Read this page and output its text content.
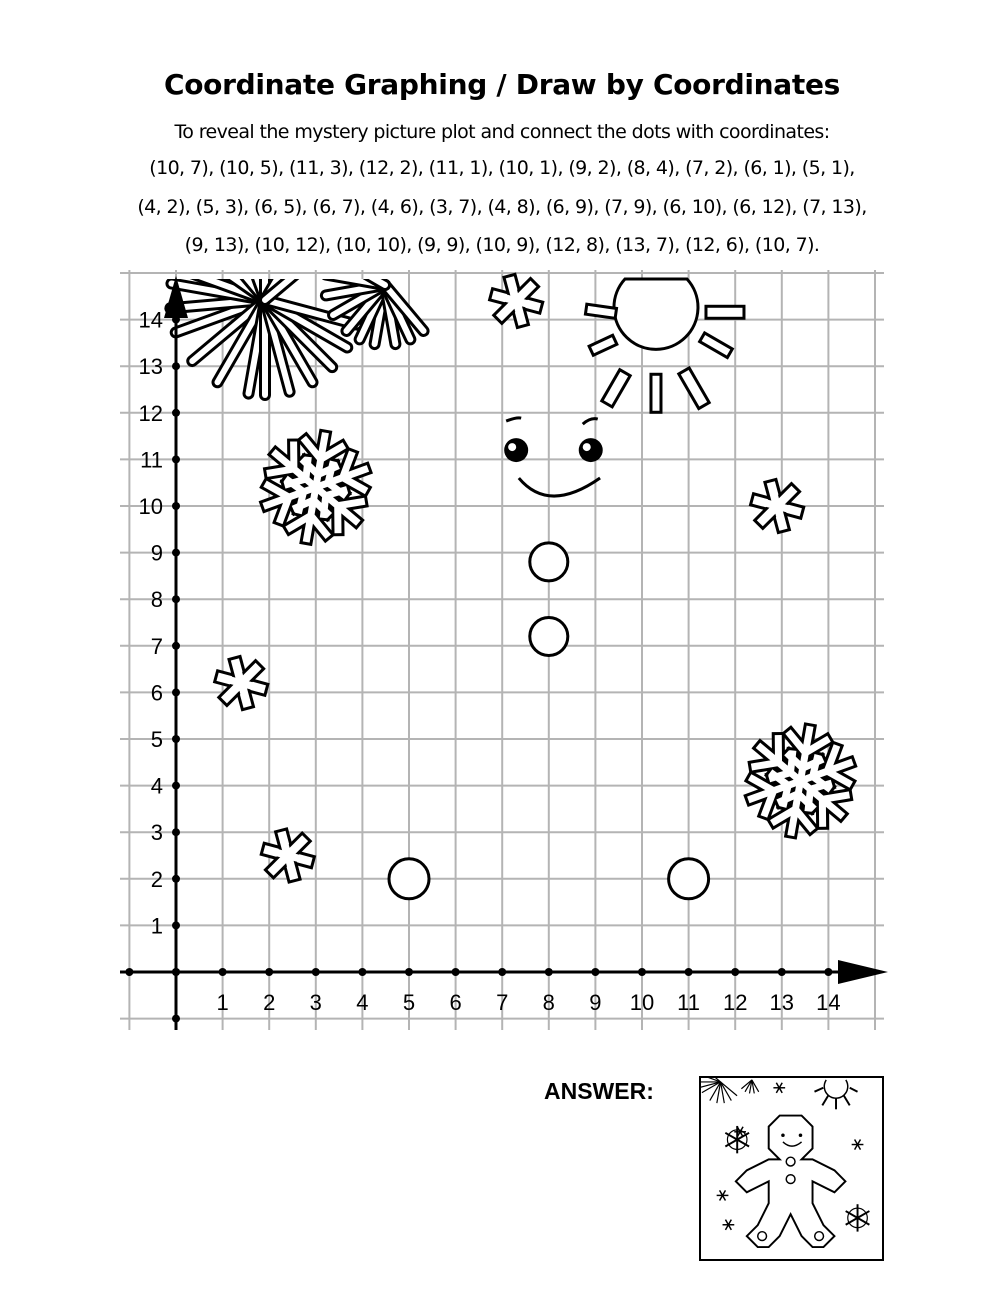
Coordinate Graphing / Draw by Coordinates
To reveal the mystery picture plot and connect the dots with coordinates:
(10, 7), (10, 5), (11, 3), (12, 2), (11, 1), (10, 1), (9, 2), (8, 4), (7, 2), (6, 1), (5, 1),
(4, 2), (5, 3), (6, 5), (6, 7), (4, 6), (3, 7), (4, 8), (6, 9), (7, 9), (6, 10), (6, 12), (7, 13),
(9, 13), (10, 12), (10, 10), (9, 9), (10, 9), (12, 8), (13, 7), (12, 6), (10, 7).
1 2 3 4 5 6 7 8 9 10 11 12 13 14
1
2
3
4
5
6
7
8
9
10
11
12
13
14
ANSWER:
